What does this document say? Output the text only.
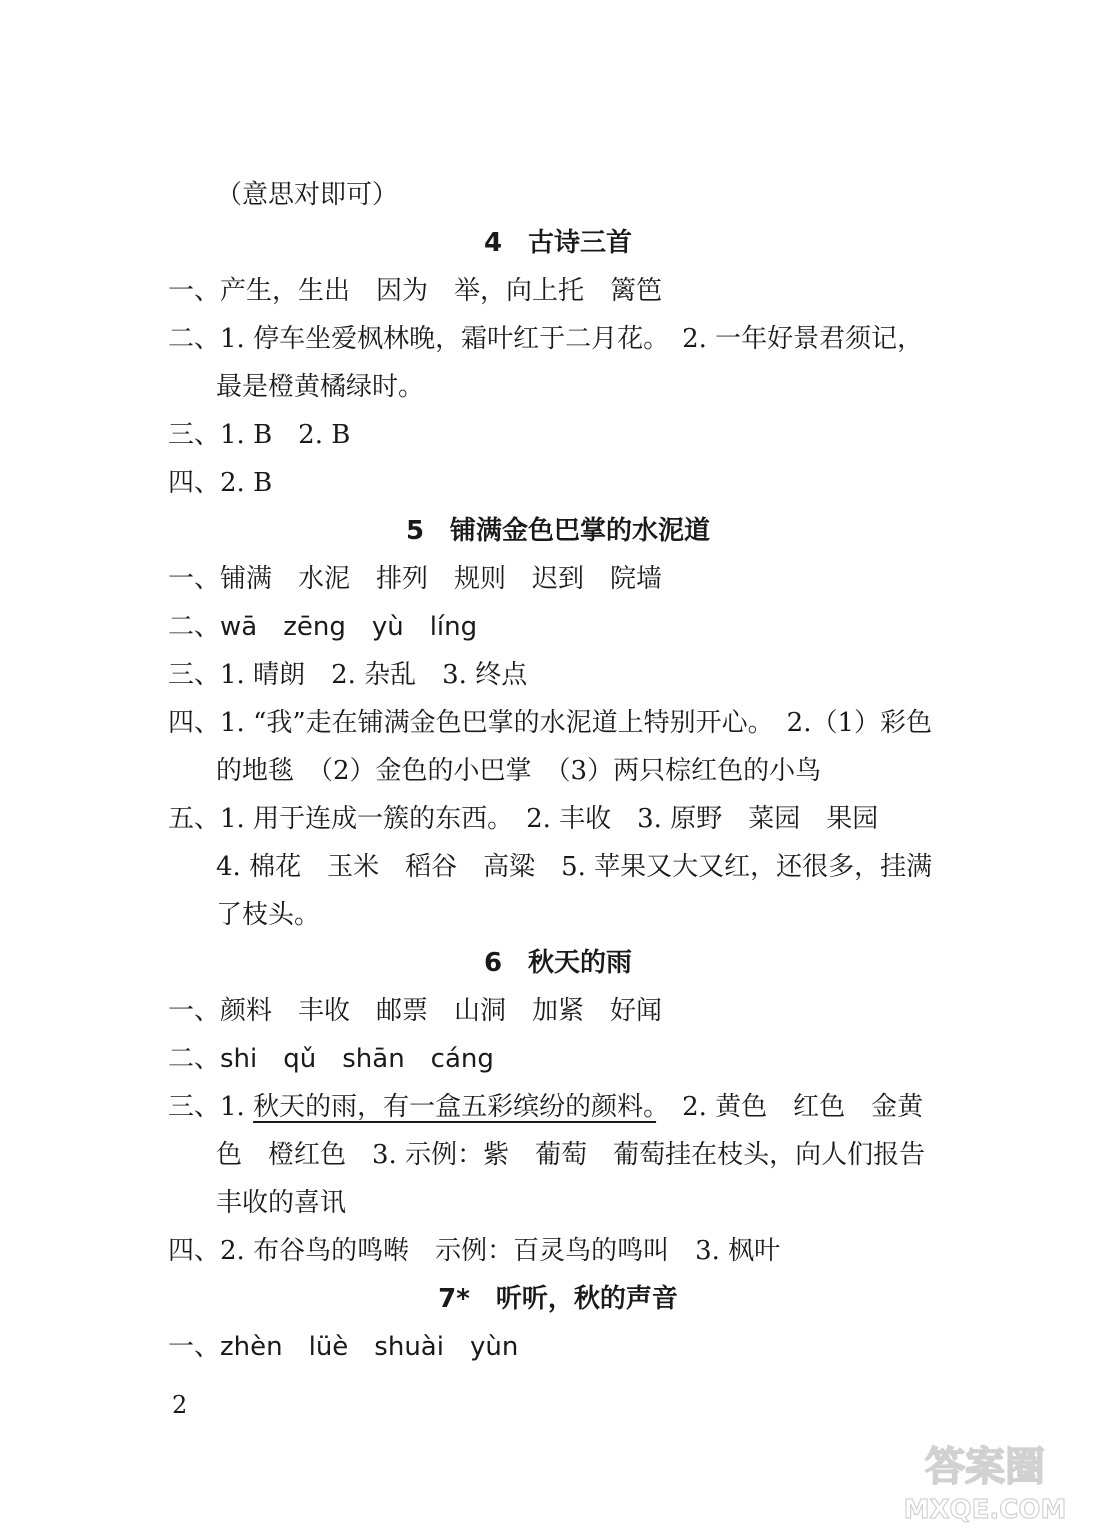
（意思对即可）
4　古诗三首
一、产生，生出　因为　举，向上托　篱笆
二、1. 停车坐爱枫林晚，霜叶红于二月花。　2. 一年好景君须记，
最是橙黄橘绿时。
三、1. B　2. B
四、2. B
5　铺满金色巴掌的水泥道
一、铺满　水泥　排列　规则　迟到　院墙
二、wā　zēng　yù　líng
三、1. 晴朗　2. 杂乱　3. 终点
四、1. “我”走在铺满金色巴掌的水泥道上特别开心。　2.（1）彩色
的地毯　（2）金色的小巴掌　（3）两只棕红色的小鸟
五、1. 用于连成一簇的东西。　2. 丰收　3. 原野　菜园　果园
4. 棉花　玉米　稻谷　高粱　5. 苹果又大又红，还很多，挂满
了枝头。
6　秋天的雨
一、颜料　丰收　邮票　山洞　加紧　好闻
二、shi　qǔ　shān　cáng
三、1. 秋天的雨，有一盒五彩缤纷的颜料。　2. 黄色　红色　金黄
色　橙红色　3. 示例：紫　葡萄　葡萄挂在枝头，向人们报告
丰收的喜讯
四、2. 布谷鸟的鸣啭　示例：百灵鸟的鸣叫　3. 枫叶
7*　听听，秋的声音
一、zhèn　lüè　shuài　yùn
2
答案圈
MXQE.COM
